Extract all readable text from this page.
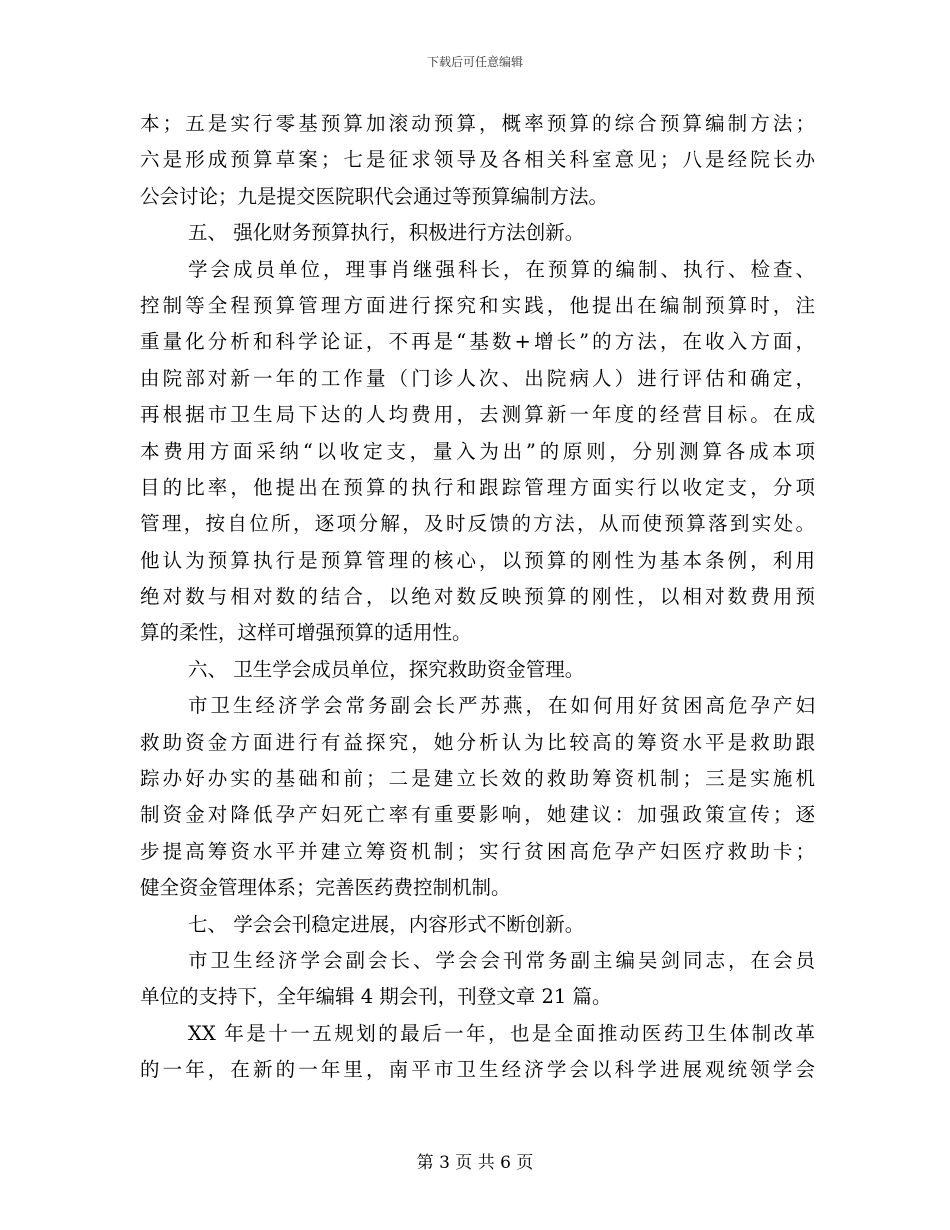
下载后可任意编辑
本；五是实行零基预算加滚动预算，概率预算的综合预算编制方法；
六是形成预算草案；七是征求领导及各相关科室意见；八是经院长办
公会讨论；九是提交医院职代会通过等预算编制方法。
五、 强化财务预算执行，积极进行方法创新。
学会成员单位，理事肖继强科长，在预算的编制、执行、检查、
控制等全程预算管理方面进行探究和实践，他提出在编制预算时，注
重量化分析和科学论证，不再是“基数+增长”的方法，在收入方面，
由院部对新一年的工作量（门诊人次、出院病人）进行评估和确定，
再根据市卫生局下达的人均费用，去测算新一年度的经营目标。在成
本费用方面采纳“以收定支，量入为出”的原则，分别测算各成本项
目的比率，他提出在预算的执行和跟踪管理方面实行以收定支，分项
管理，按自位所，逐项分解，及时反馈的方法，从而使预算落到实处。
他认为预算执行是预算管理的核心，以预算的刚性为基本条例，利用
绝对数与相对数的结合，以绝对数反映预算的刚性，以相对数费用预
算的柔性，这样可增强预算的适用性。
六、 卫生学会成员单位，探究救助资金管理。
市卫生经济学会常务副会长严苏燕，在如何用好贫困高危孕产妇
救助资金方面进行有益探究，她分析认为比较高的筹资水平是救助跟
踪办好办实的基础和前；二是建立长效的救助筹资机制；三是实施机
制资金对降低孕产妇死亡率有重要影响，她建议：加强政策宣传；逐
步提高筹资水平并建立筹资机制；实行贫困高危孕产妇医疗救助卡；
健全资金管理体系；完善医药费控制机制。
七、 学会会刊稳定进展，内容形式不断创新。
市卫生经济学会副会长、学会会刊常务副主编吴剑同志，在会员
单位的支持下，全年编辑 4 期会刊，刊登文章 21 篇。
XX 年是十一五规划的最后一年，也是全面推动医药卫生体制改革
的一年，在新的一年里，南平市卫生经济学会以科学进展观统领学会
第 3 页 共 6 页
